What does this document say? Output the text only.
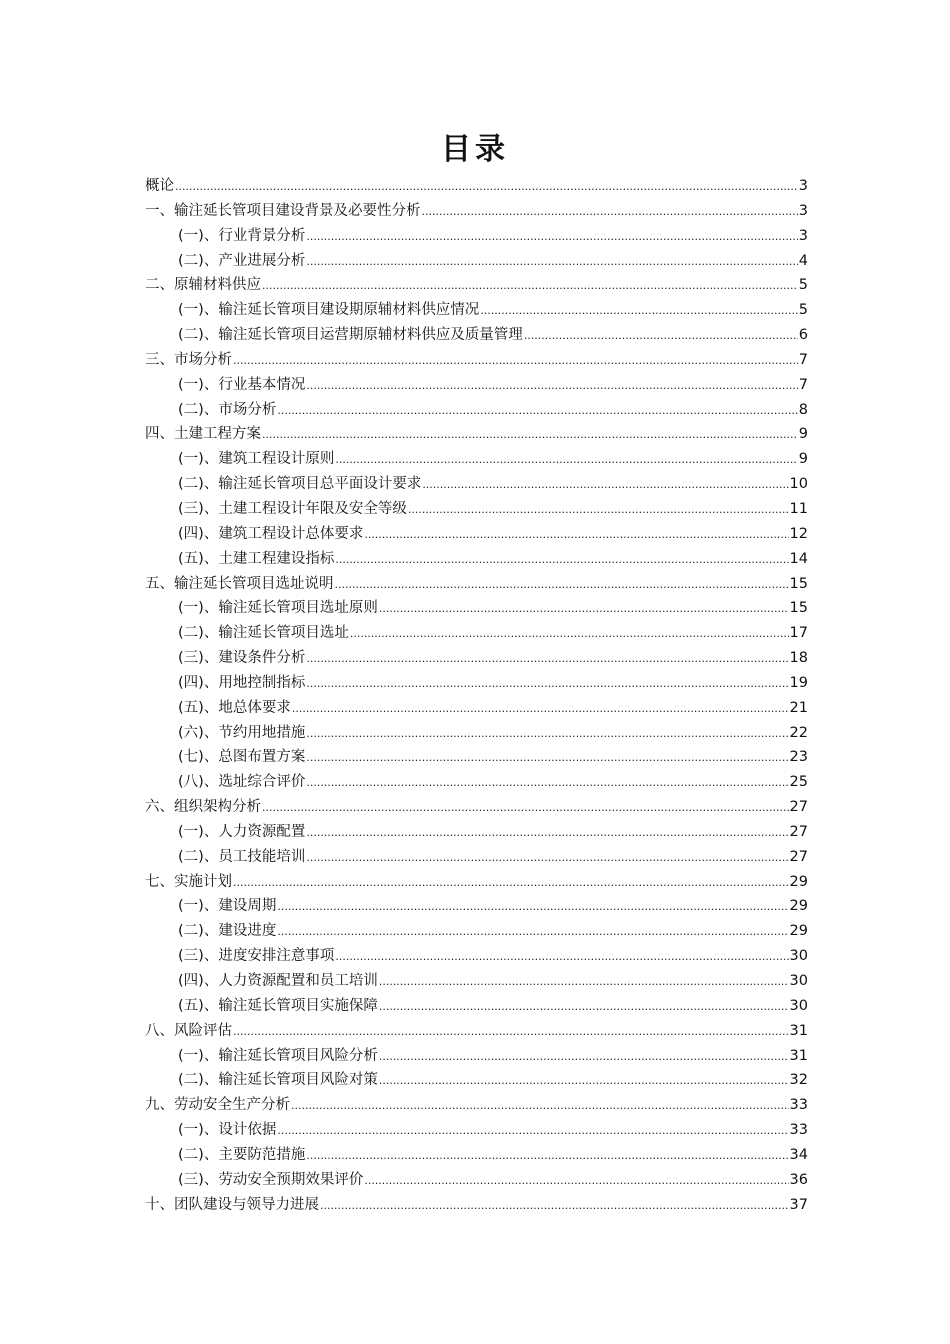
目录
概论 .....	3
一、输注延长管项目建设背景及必要性分析 .....	3
(一)、行业背景分析 .....	3
(二)、产业进展分析 .....	4
二、原辅材料供应 .....	5
(一)、输注延长管项目建设期原辅材料供应情况 .....	5
(二)、输注延长管项目运营期原辅材料供应及质量管理 .....	6
三、市场分析 .....	7
(一)、行业基本情况 .....	7
(二)、市场分析 .....	8
四、土建工程方案 .....	9
(一)、建筑工程设计原则 .....	9
(二)、输注延长管项目总平面设计要求 .....	10
(三)、土建工程设计年限及安全等级 .....	11
(四)、建筑工程设计总体要求 .....	12
(五)、土建工程建设指标 .....	14
五、输注延长管项目选址说明 .....	15
(一)、输注延长管项目选址原则 .....	15
(二)、输注延长管项目选址 .....	17
(三)、建设条件分析 .....	18
(四)、用地控制指标 .....	19
(五)、地总体要求 .....	21
(六)、节约用地措施 .....	22
(七)、总图布置方案 .....	23
(八)、选址综合评价 .....	25
六、组织架构分析 .....	27
(一)、人力资源配置 .....	27
(二)、员工技能培训 .....	27
七、实施计划 .....	29
(一)、建设周期 .....	29
(二)、建设进度 .....	29
(三)、进度安排注意事项 .....	30
(四)、人力资源配置和员工培训 .....	30
(五)、输注延长管项目实施保障 .....	30
八、风险评估 .....	31
(一)、输注延长管项目风险分析 .....	31
(二)、输注延长管项目风险对策 .....	32
九、劳动安全生产分析 .....	33
(一)、设计依据 .....	33
(二)、主要防范措施 .....	34
(三)、劳动安全预期效果评价 .....	36
十、团队建设与领导力进展 .....	37
